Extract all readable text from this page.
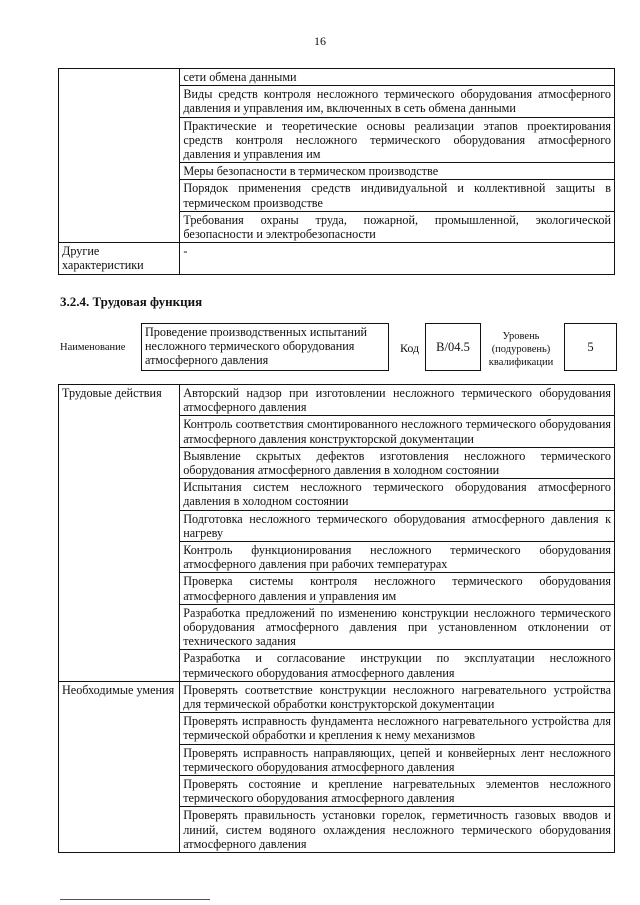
16
	сети обмена данными
	Виды средств контроля несложного термического оборудования атмосферного давления и управления им, включенных в сеть обмена данными
	Практические и теоретические основы реализации этапов проектирования средств контроля несложного термического оборудования атмосферного давления и управления им
	Меры безопасности в термическом производстве
	Порядок применения средств индивидуальной и коллективной защиты в термическом производстве
	Требования охраны труда, пожарной, промышленной, экологической безопасности и электробезопасности
Другие характеристики	-
3.2.4. Трудовая функция
Наименование
Проведение производственных испытаний несложного термического оборудования атмосферного давления
Код	B/04.5
Уровень (подуровень) квалификации
5
Трудовые действия	Авторский надзор при изготовлении несложного термического оборудования атмосферного давления
	Контроль соответствия смонтированного несложного термического оборудования атмосферного давления конструкторской документации
	Выявление скрытых дефектов изготовления несложного термического оборудования атмосферного давления в холодном состоянии
	Испытания систем несложного термического оборудования атмосферного давления в холодном состоянии
	Подготовка несложного термического оборудования атмосферного давления к нагреву
	Контроль функционирования несложного термического оборудования атмосферного давления при рабочих температурах
	Проверка системы контроля несложного термического оборудования атмосферного давления и управления им
	Разработка предложений по изменению конструкции несложного термического оборудования атмосферного давления при установленном отклонении от технического задания
	Разработка и согласование инструкции по эксплуатации несложного термического оборудования атмосферного давления
Необходимые умения	Проверять соответствие конструкции несложного нагревательного устройства для термической обработки конструкторской документации
	Проверять исправность фундамента несложного нагревательного устройства для термической обработки и крепления к нему механизмов
	Проверять исправность направляющих, цепей и конвейерных лент несложного термического оборудования атмосферного давления
	Проверять состояние и крепление нагревательных элементов несложного термического оборудования атмосферного давления
	Проверять правильность установки горелок, герметичность газовых вводов и линий, систем водяного охлаждения несложного термического оборудования атмосферного давления
